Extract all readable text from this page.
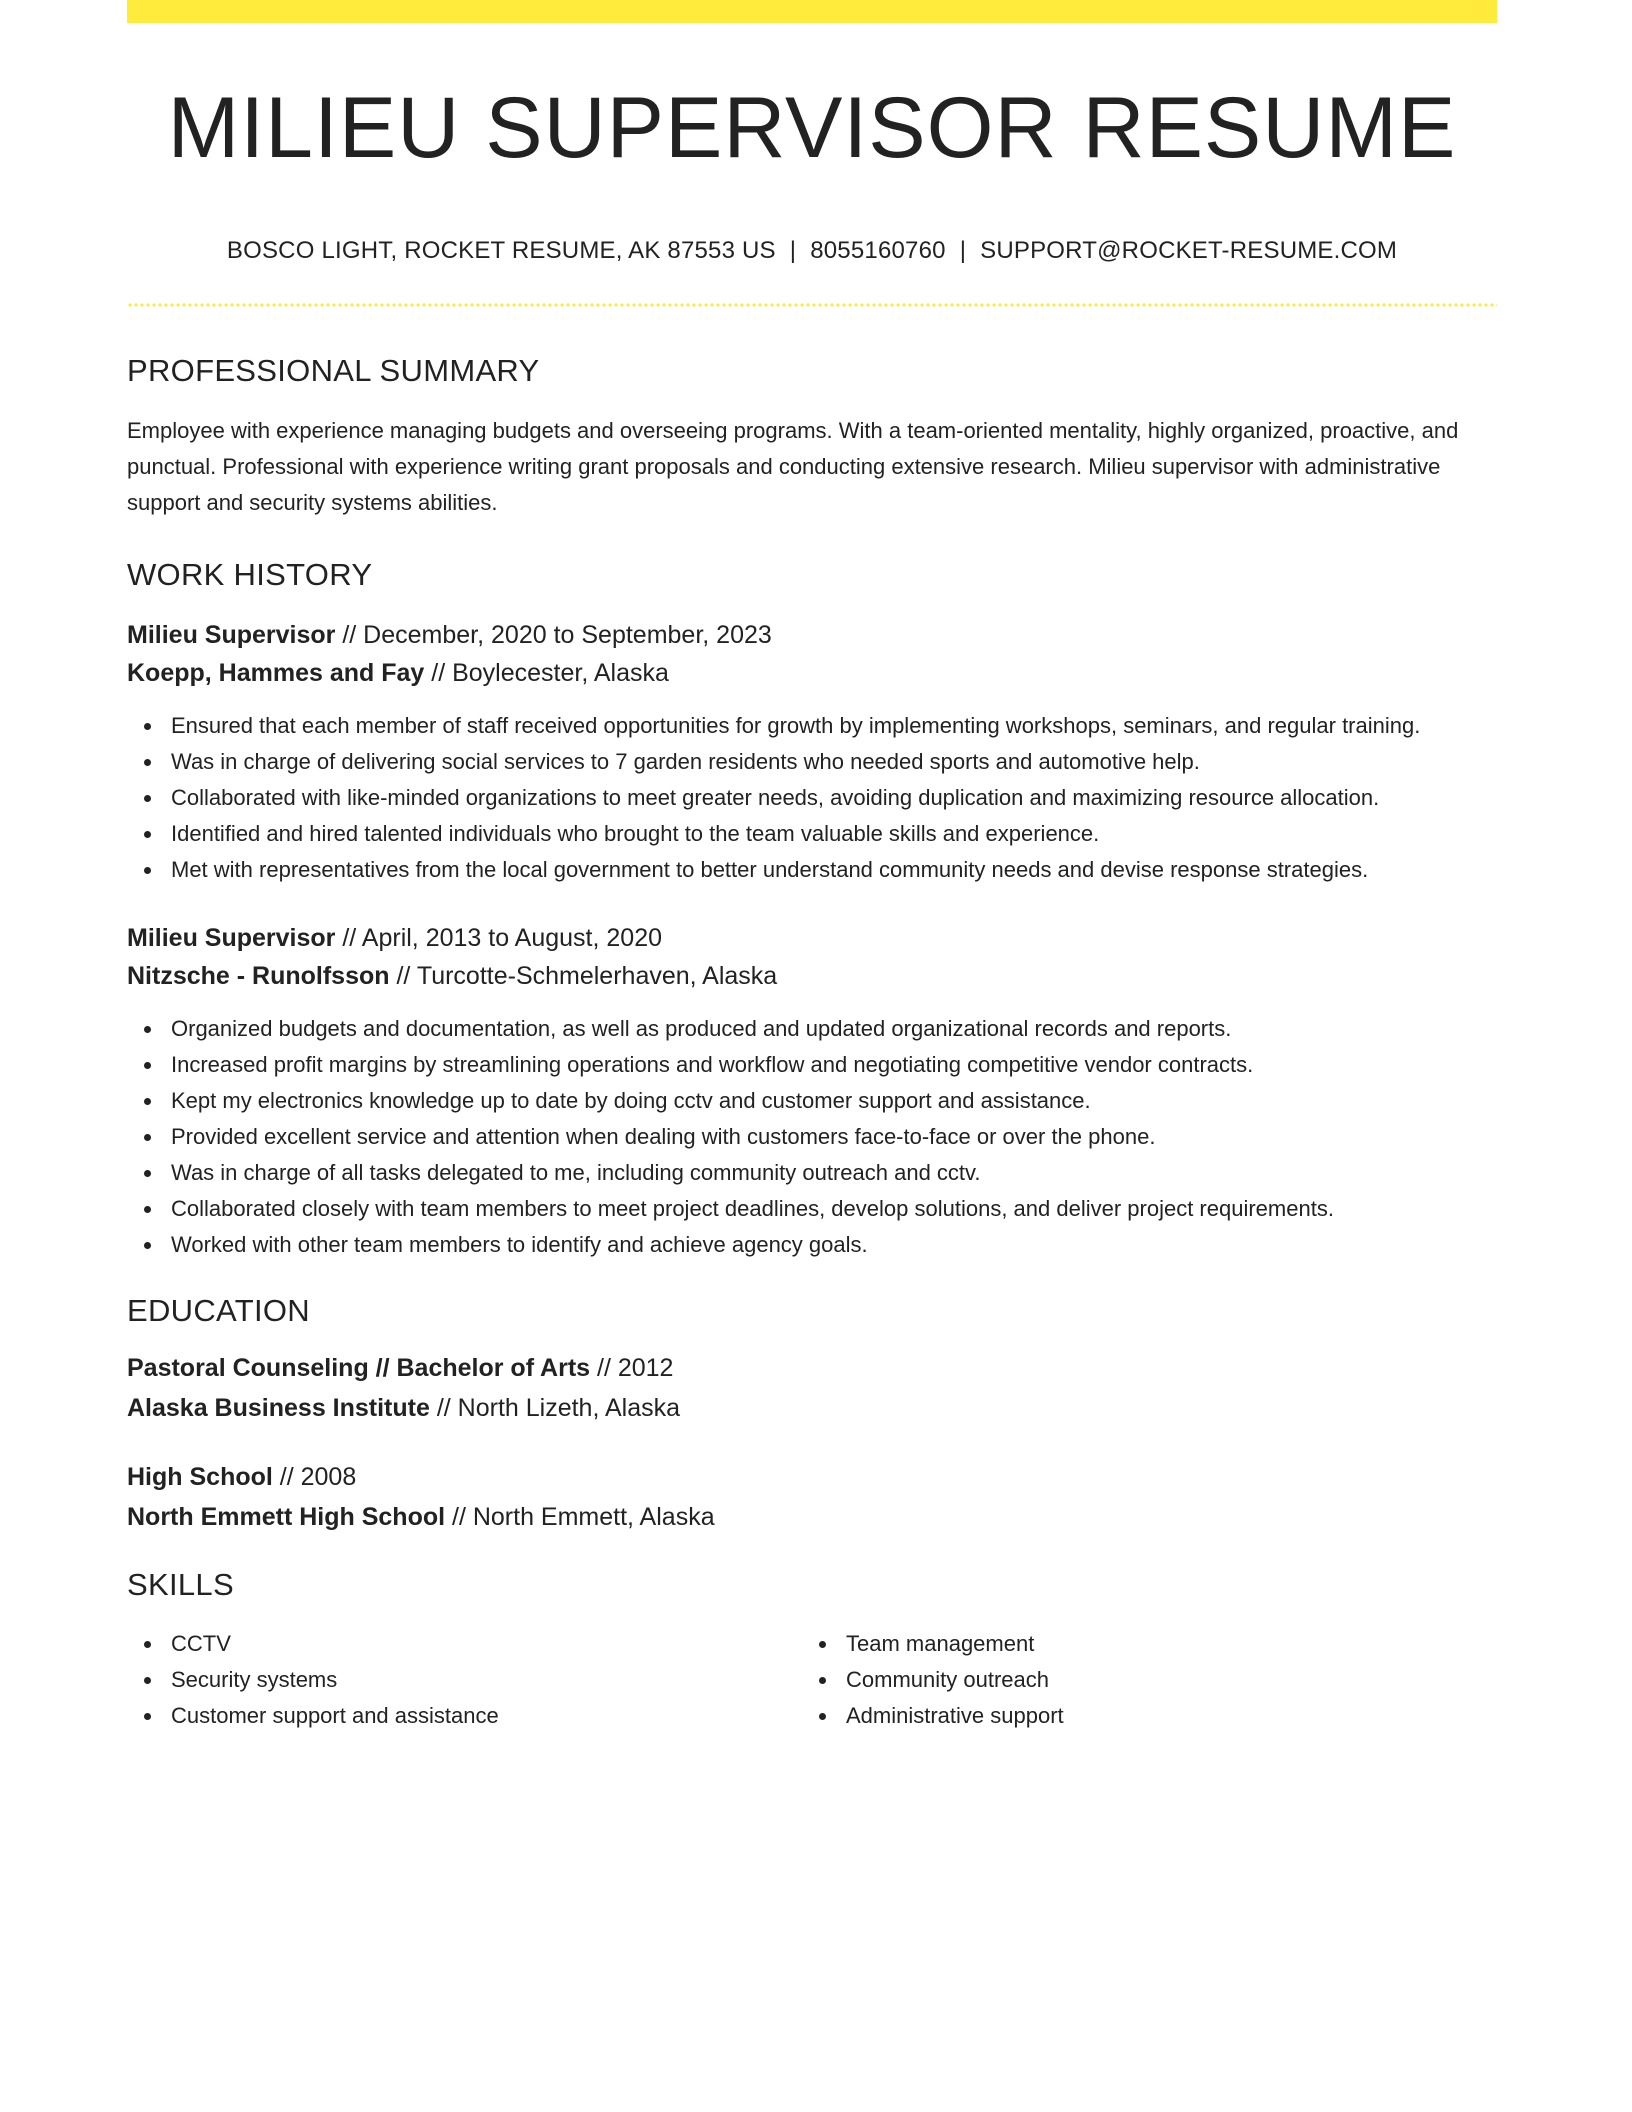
MILIEU SUPERVISOR RESUME
BOSCO LIGHT, ROCKET RESUME, AK 87553 US | 8055160760 | SUPPORT@ROCKET-RESUME.COM
PROFESSIONAL SUMMARY

Employee with experience managing budgets and overseeing programs. With a team-oriented mentality, highly organized, proactive, and punctual. Professional with experience writing grant proposals and conducting extensive research. Milieu supervisor with administrative support and security systems abilities.

WORK HISTORY
Milieu Supervisor // December, 2020 to September, 2023
Koepp, Hammes and Fay // Boylecester, Alaska
Ensured that each member of staff received opportunities for growth by implementing workshops, seminars, and regular training.
Was in charge of delivering social services to 7 garden residents who needed sports and automotive help.
Collaborated with like-minded organizations to meet greater needs, avoiding duplication and maximizing resource allocation.
Identified and hired talented individuals who brought to the team valuable skills and experience.
Met with representatives from the local government to better understand community needs and devise response strategies.
Milieu Supervisor // April, 2013 to August, 2020
Nitzsche - Runolfsson // Turcotte-Schmelerhaven, Alaska
Organized budgets and documentation, as well as produced and updated organizational records and reports.
Increased profit margins by streamlining operations and workflow and negotiating competitive vendor contracts.
Kept my electronics knowledge up to date by doing cctv and customer support and assistance.
Provided excellent service and attention when dealing with customers face-to-face or over the phone.
Was in charge of all tasks delegated to me, including community outreach and cctv.
Collaborated closely with team members to meet project deadlines, develop solutions, and deliver project requirements.
Worked with other team members to identify and achieve agency goals.
EDUCATION
Pastoral Counseling // Bachelor of Arts // 2012
Alaska Business Institute // North Lizeth, Alaska
High School // 2008
North Emmett High School // North Emmett, Alaska
SKILLS
CCTV
Security systems
Customer support and assistance
Team management
Community outreach
Administrative support
